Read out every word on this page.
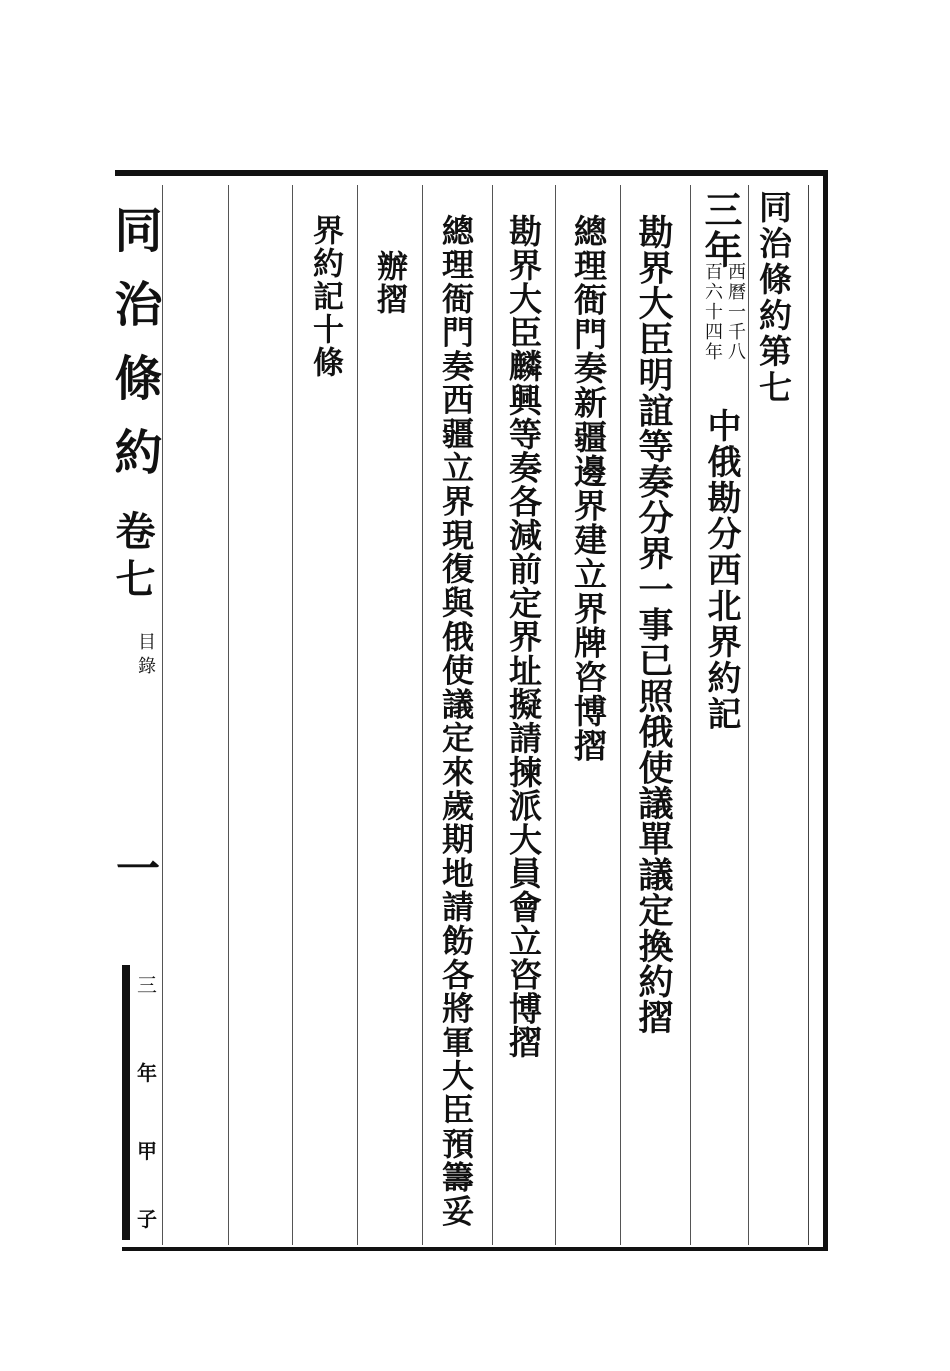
同治條約
卷七
目錄
一
三
年
甲
子
同治條約第七
三年
西曆一千八
百六十四年
中俄勘分西北界約記
勘界大臣明誼等奏分界一事已照俄使議單議定換約摺
總理衙門奏新疆邊界建立界牌咨博摺
勘界大臣麟興等奏各減前定界址擬請揀派大員會立咨博摺
總理衙門奏西疆立界現復與俄使議定來歲期地請飭各將軍大臣預籌妥
辦摺
界約記十條
